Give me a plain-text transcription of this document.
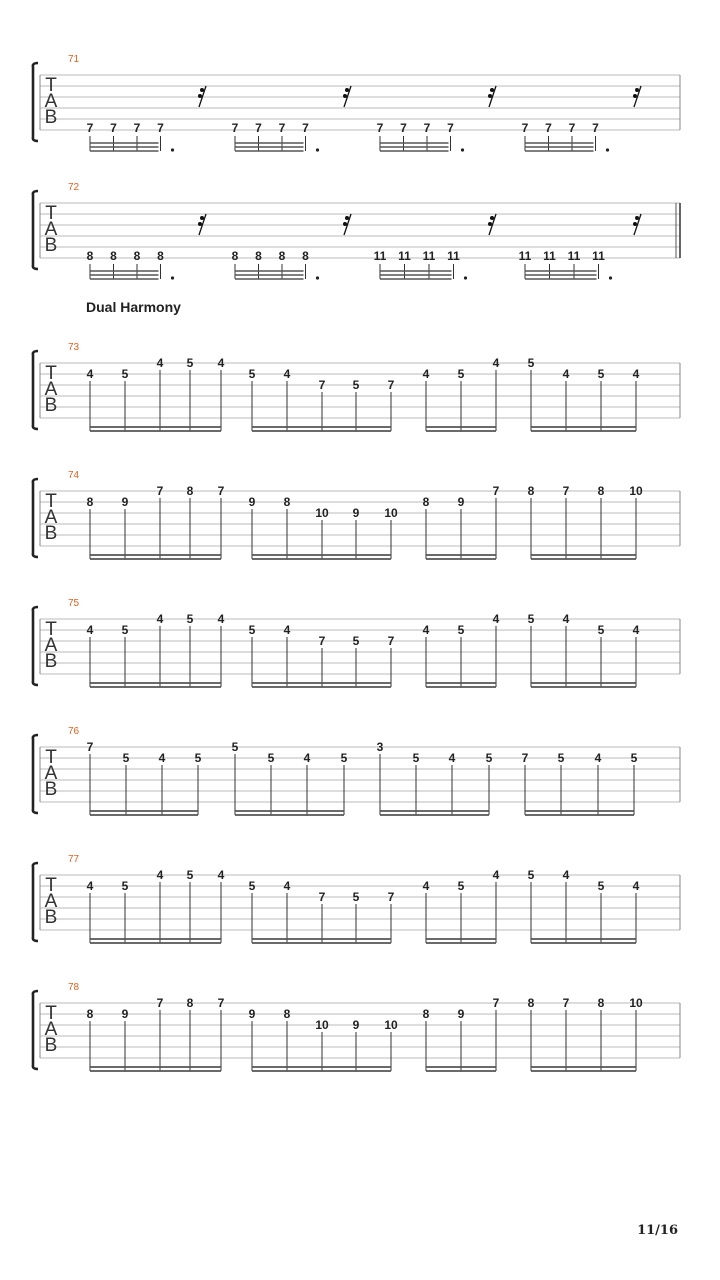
71
T
A
B 7 7 7 7	7 7 7 7	7 7 7 7	7 7 7 7
72
T
A
B 8 8 8 8	8 8 8 8	11 11 11 11	11 11 11 11
Dual Harmony
73
T
A
B
4 5
4 5 4
5 4
7 5 7
4 5
4 5
4 5 4
74
T
A
B
8 9
7 8 7
9 8
10 9 10
8 9
7 8 7 8 10
75
T
A
B
4 5
4 5 4
5 4
7 5 7
4 5
4 5 4
5 4
76
T
A
B
7
5 4 5
5
5 4	5
3
5 4	5 7 5	4 5
77
T
A
B
4 5
4 5 4
5 4
7 5 7
4 5
4 5 4
5 4
78
T
A
B
8 9
7 8 7
9 8
10 9 10
8 9
7 8 7 8 10
11/16
